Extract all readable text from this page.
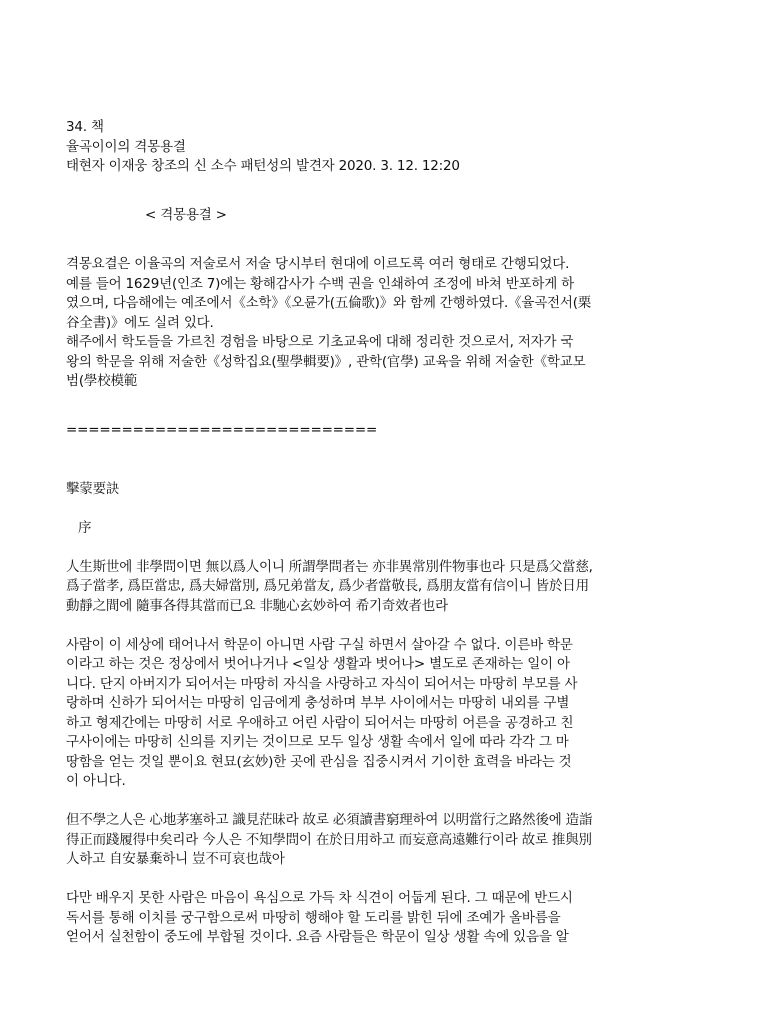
34. 책
율곡이이의 격몽용결
태현자 이재웅 창조의 신 소수 패턴성의 발견자 2020. 3. 12. 12:20
< 격몽용결 >
격몽요결은 이율곡의 저술로서 저술 당시부터 현대에 이르도록 여러 형태로 간행되었다.
예를 들어 1629년(인조 7)에는 황해감사가 수백 권을 인쇄하여 조정에 바쳐 반포하게 하
였으며, 다음해에는 예조에서《소학》《오륜가(五倫歌)》와 함께 간행하였다.《율곡전서(栗
谷全書)》에도 실려 있다.
해주에서 학도들을 가르친 경험을 바탕으로 기초교육에 대해 정리한 것으로서, 저자가 국
왕의 학문을 위해 저술한《성학집요(聖學輯要)》, 관학(官學) 교육을 위해 저술한《학교모
범(學校模範
============================
擊蒙要訣
序
人生斯世에 非學問이면 無以爲人이니 所謂學問者는 亦非異常別件物事也라 只是爲父當慈,
爲子當孝, 爲臣當忠, 爲夫婦當別, 爲兄弟當友, 爲少者當敬長, 爲朋友當有信이니 皆於日用
動靜之間에 隨事各得其當而已요 非馳心玄妙하여 希기奇效者也라
사람이 이 세상에 태어나서 학문이 아니면 사람 구실 하면서 살아갈 수 없다. 이른바 학문
이라고 하는 것은 정상에서 벗어나거나 <일상 생활과 벗어나> 별도로 존재하는 일이 아
니다. 단지 아버지가 되어서는 마땅히 자식을 사랑하고 자식이 되어서는 마땅히 부모를 사
랑하며 신하가 되어서는 마땅히 임금에게 충성하며 부부 사이에서는 마땅히 내외를 구별
하고 형제간에는 마땅히 서로 우애하고 어린 사람이 되어서는 마땅히 어른을 공경하고 친
구사이에는 마땅히 신의를 지키는 것이므로 모두 일상 생활 속에서 일에 따라 각각 그 마
땅함을 얻는 것일 뿐이요 현묘(玄妙)한 곳에 관심을 집중시켜서 기이한 효력을 바라는 것
이 아니다.
但不學之人은 心地茅塞하고 識見茫昧라 故로 必須讀書窮理하여 以明當行之路然後에 造詣
得正而踐履得中矣리라 今人은 不知學問이 在於日用하고 而妄意高遠難行이라 故로 推與別
人하고 自安暴棄하니 豈不可哀也哉아
다만 배우지 못한 사람은 마음이 욕심으로 가득 차 식견이 어둡게 된다. 그 때문에 반드시
독서를 통해 이치를 궁구함으로써 마땅히 행해야 할 도리를 밝힌 뒤에 조예가 올바름을
얻어서 실천함이 중도에 부합될 것이다. 요즘 사람들은 학문이 일상 생활 속에 있음을 알
